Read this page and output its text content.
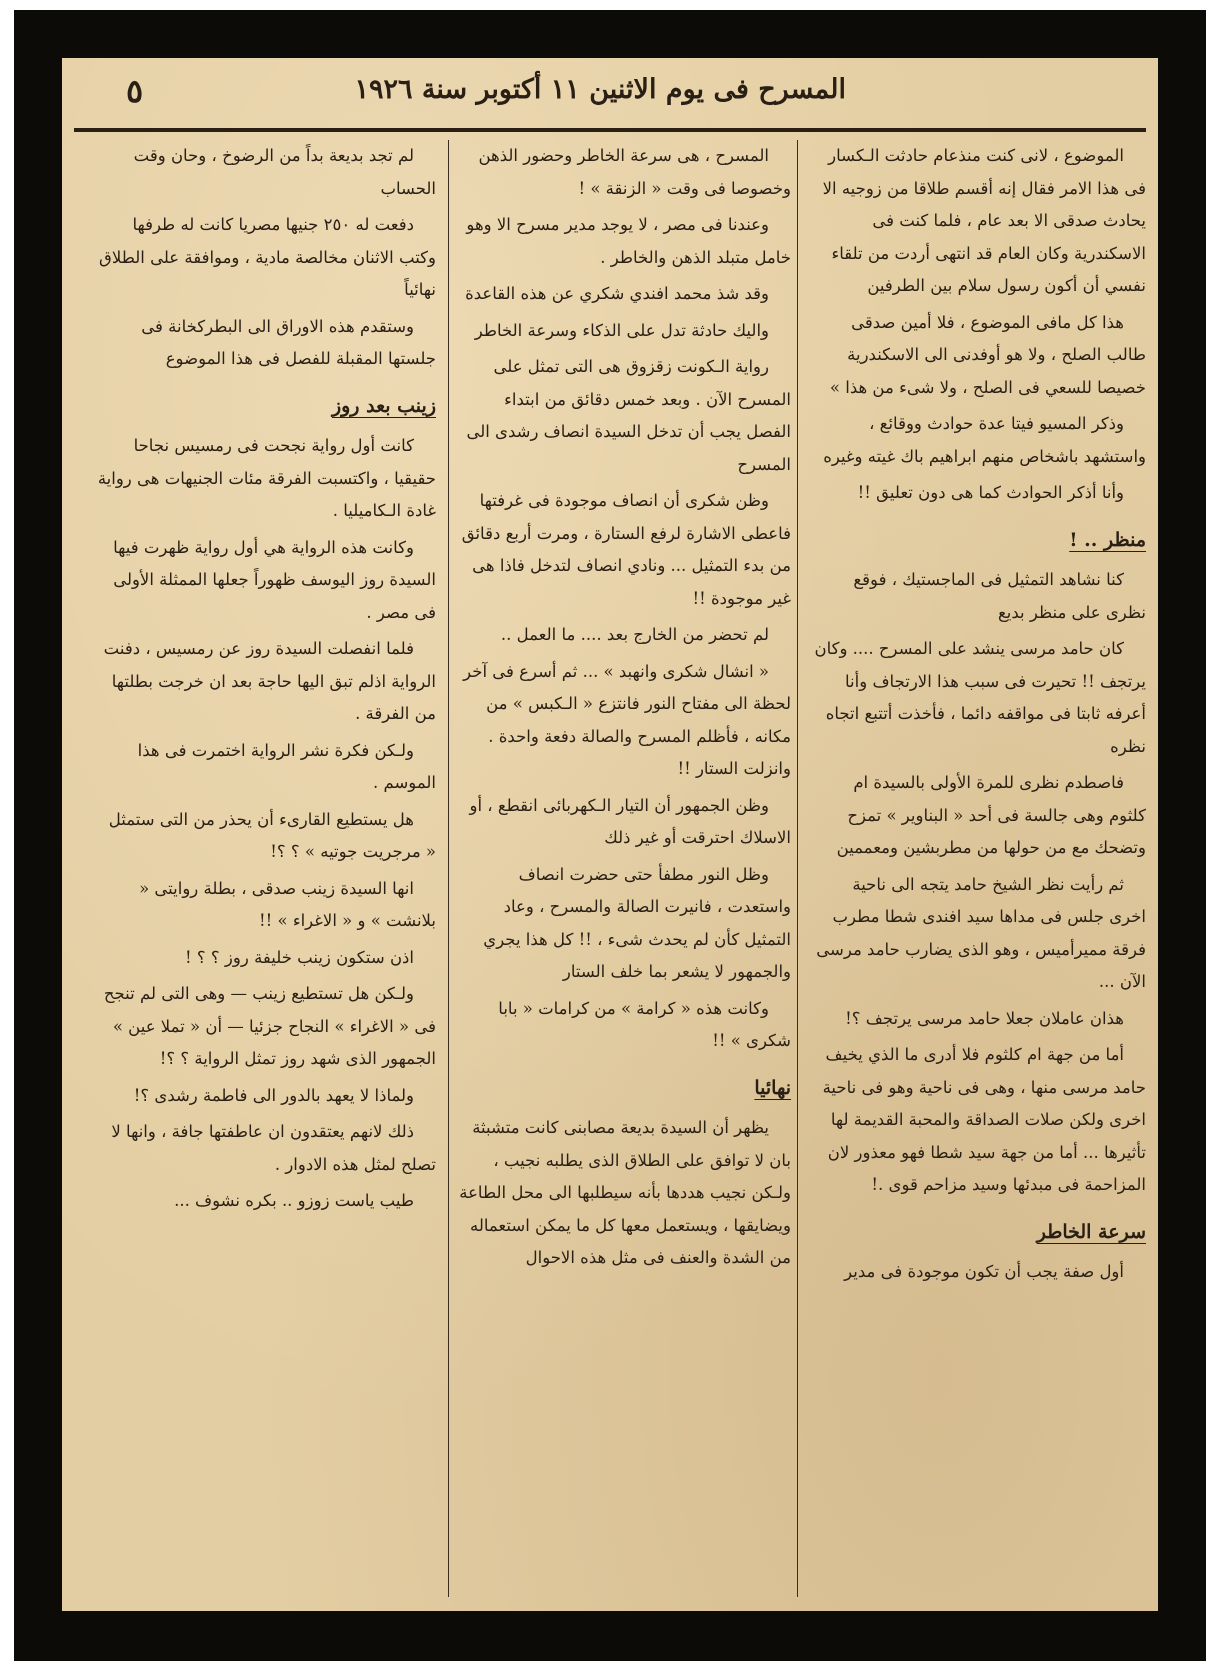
المسرح فى يوم الاثنين ١١ أكتوبر سنة ١٩٢٦
٥

الموضوع ، لانى كنت منذعام حادثت الـكسار فى هذا الامر فقال إنه أقسم طلاقا من زوجيه الا يحادث صدقى الا بعد عام ، فلما كنت فى الاسكندرية وكان العام قد انتهى أردت من تلقاء نفسي أن أكون رسول سلام بين الطرفين

هذا كل مافى الموضوع ، فلا أمين صدقى طالب الصلح ، ولا هو أوفدنى الى الاسكندرية خصيصا للسعي فى الصلح ، ولا شىء من هذا »

وذكر المسيو فيتا عدة حوادث ووقائع ، واستشهد باشخاص منهم ابراهيم باك غيته وغيره

وأنا أذكر الحوادث كما هى دون تعليق !!

منظر .. !

كنا نشاهد التمثيل فى الماجستيك ، فوقع نظرى على منظر بديع

كان حامد مرسى ينشد على المسرح .... وكان يرتجف !! تحيرت فى سبب هذا الارتجاف وأنا أعرفه ثابتا فى مواقفه دائما ، فأخذت أتتبع اتجاه نظره

فاصطدم نظرى للمرة الأولى بالسيدة ام كلثوم وهى جالسة فى أحد « البناوير » تمزح وتضحك مع من حولها من مطربشين ومعممين

ثم رأيت نظر الشيخ حامد يتجه الى ناحية اخرى جلس فى مداها سيد افندى شطا مطرب فرقة مميرأميس ، وهو الذى يضارب حامد مرسى الآن ...

هذان عاملان جعلا حامد مرسى يرتجف ؟!

أما من جهة ام كلثوم فلا أدرى ما الذي يخيف حامد مرسى منها ، وهى فى ناحية وهو فى ناحية اخرى ولكن صلات الصداقة والمحبة القديمة لها تأثيرها ... أما من جهة سيد شطا فهو معذور لان المزاحمة فى مبدئها وسيد مزاحم قوى .!

سرعة الخاطر

أول صفة يجب أن تكون موجودة فى مدير

المسرح ، هى سرعة الخاطر وحضور الذهن وخصوصا فى وقت « الزنقة » !

وعندنا فى مصر ، لا يوجد مدير مسرح الا وهو خامل متبلد الذهن والخاطر .

وقد شذ محمد افندي شكري عن هذه القاعدة

واليك حادثة تدل على الذكاء وسرعة الخاطر

رواية الـكونت زقزوق هى التى تمثل على المسرح الآن . وبعد خمس دقائق من ابتداء الفصل يجب أن تدخل السيدة انصاف رشدى الى المسرح

وظن شكرى أن انصاف موجودة فى غرفتها فاعطى الاشارة لرفع الستارة ، ومرت أربع دقائق من بدء التمثيل ... ونادي انصاف لتدخل فاذا هى غير موجودة !!

لم تحضر من الخارج بعد .... ما العمل ..

« انشال شكرى وانهبد » ... ثم أسرع فى آخر لحظة الى مفتاح النور فانتزع « الـكبس » من مكانه ، فأظلم المسرح والصالة دفعة واحدة . وانزلت الستار !!

وظن الجمهور أن التيار الـكهربائى انقطع ، أو الاسلاك احترقت أو غير ذلك

وظل النور مطفأ حتى حضرت انصاف واستعدت ، فانيرت الصالة والمسرح ، وعاد التمثيل كأن لم يحدث شىء ، !! كل هذا يجري والجمهور لا يشعر بما خلف الستار

وكانت هذه « كرامة » من كرامات « بابا شكرى » !!

نهائيا

يظهر أن السيدة بديعة مصابنى كانت متشبثة بان لا توافق على الطلاق الذى يطلبه نجيب ، ولـكن نجيب هددها بأنه سيطلبها الى محل الطاعة ويضايقها ، ويستعمل معها كل ما يمكن استعماله من الشدة والعنف فى مثل هذه الاحوال

لم تجد بديعة بداً من الرضوخ ، وحان وقت الحساب

دفعت له ٢٥٠ جنيها مصريا كانت له طرفها وكتب الاثنان مخالصة مادية ، وموافقة على الطلاق نهائياً

وستقدم هذه الاوراق الى البطركخانة فى جلستها المقبلة للفصل فى هذا الموضوع

زينب بعد روز

كانت أول رواية نجحت فى رمسيس نجاحا حقيقيا ، واكتسبت الفرقة مئات الجنيهات هى رواية غادة الـكاميليا .

وكانت هذه الرواية هي أول رواية ظهرت فيها السيدة روز اليوسف ظهوراً جعلها الممثلة الأولى فى مصر .

فلما انفصلت السيدة روز عن رمسيس ، دفنت الرواية اذلم تبق اليها حاجة بعد ان خرجت بطلتها من الفرقة .

ولـكن فكرة نشر الرواية اختمرت فى هذا الموسم .

هل يستطيع القارىء أن يحذر من التى ستمثل « مرجريت جوتيه » ؟ ؟!

انها السيدة زينب صدقى ، بطلة روايتى « بلانشت » و « الاغراء » !!

اذن ستكون زينب خليفة روز ؟ ؟ !

ولـكن هل تستطيع زينب — وهى التى لم تنجح فى « الاغراء » النجاح جزئيا — أن « تملا عين » الجمهور الذى شهد روز تمثل الرواية ؟ ؟!

ولماذا لا يعهد بالدور الى فاطمة رشدى ؟!

ذلك لانهم يعتقدون ان عاطفتها جافة ، وانها لا تصلح لمثل هذه الادوار .

طيب ياست زوزو .. بكره نشوف ...
